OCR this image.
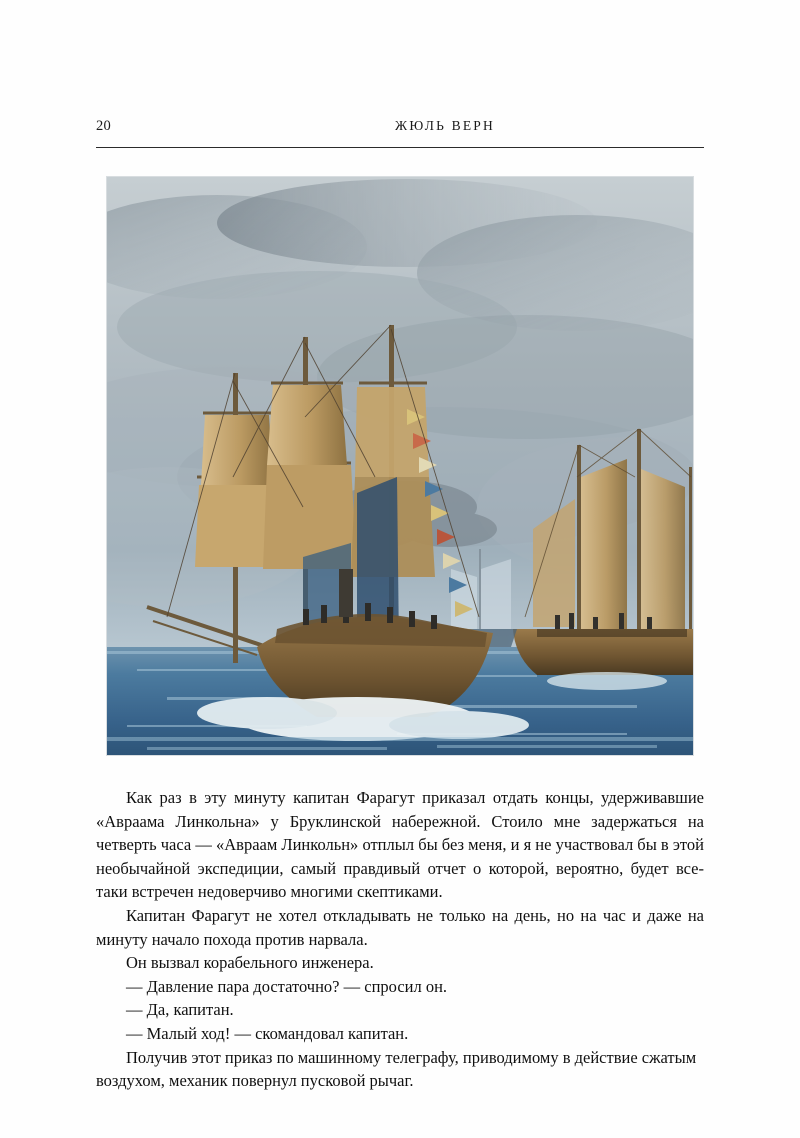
20	ЖЮЛЬ ВЕРН

Как раз в эту минуту капитан Фарагут приказал отдать концы, удерживавшие «Авраама Линкольна» у Бруклинской набережной. Стоило мне задержаться на четверть часа — «Авраам Линкольн» отплыл бы без меня, и я не участвовал бы в этой необычайной экспедиции, самый правдивый отчет о которой, вероятно, будет все-таки встречен недоверчиво многими скептиками.

Капитан Фарагут не хотел откладывать не только на день, но на час и даже на минуту начало похода против нарвала.

Он вызвал корабельного инженера.

— Давление пара достаточно? — спросил он.

— Да, капитан.

— Малый ход! — скомандовал капитан.

Получив этот приказ по машинному телеграфу, приводимому в действие сжатым воздухом, механик повернул пусковой рычаг.
